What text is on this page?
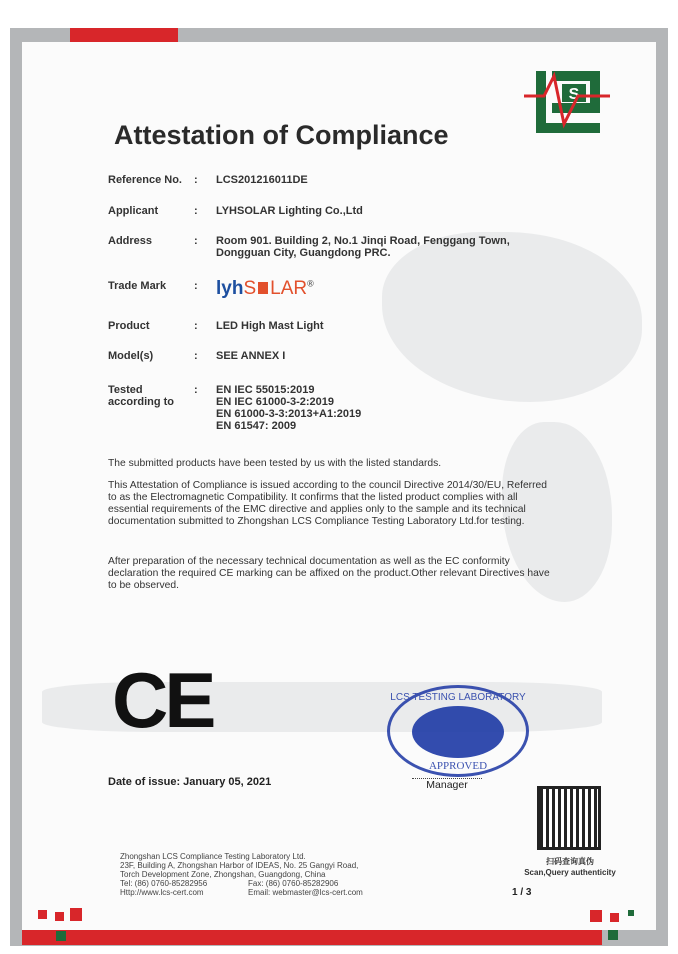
S
Attestation of Compliance
Reference No.	:	LCS201216011DE
Applicant	:	LYHSOLAR Lighting Co.,Ltd
Address	:	Room 901. Building 2, No.1 Jinqi Road, Fenggang Town,
Dongguan City, Guangdong PRC.
Trade Mark	: lyhS LAR®
Product	:	LED High Mast Light
Model(s)	:	SEE ANNEX I
Tested according to
:	EN IEC 55015:2019
EN IEC 61000-3-2:2019
EN 61000-3-3:2013+A1:2019
EN 61547: 2009
The submitted products have been tested by us with the listed standards.
This Attestation of Compliance is issued according to the council Directive 2014/30/EU, Referred to as the Electromagnetic Compatibility. It confirms that the listed product complies with all essential requirements of the EMC directive and applies only to the sample and its technical documentation submitted to Zhongshan LCS Compliance Testing Laboratory Ltd.for testing.
After preparation of the necessary technical documentation as well as the EC conformity declaration the required CE marking can be affixed on the product.Other relevant Directives have to be observed.
CE	LCS TESTING LABORATORY
APPROVED
Manager
Date of issue: January 05, 2021
扫码查询真伪
Scan,Query authenticity
1 / 3
Zhongshan LCS Compliance Testing Laboratory Ltd.
23F, Building A, Zhongshan Harbor of IDEAS, No. 25 Gangyi Road,
Torch Development Zone, Zhongshan, Guangdong, China
Tel: (86) 0760-85282956	Fax: (86) 0760-85282906
Http://www.lcs-cert.com	Email: webmaster@lcs-cert.com
